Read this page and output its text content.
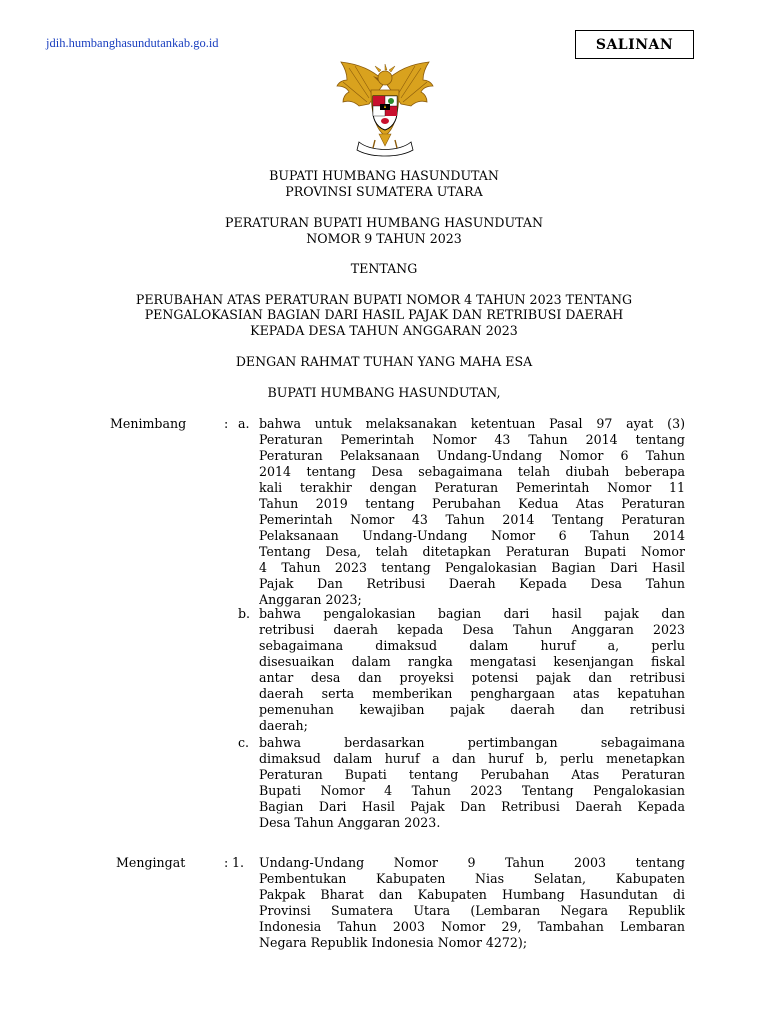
jdih.humbanghasundutankab.go.id	SALINAN
BUPATI HUMBANG HASUNDUTAN
PROVINSI SUMATERA UTARA
PERATURAN BUPATI HUMBANG HASUNDUTAN
NOMOR 9 TAHUN 2023
TENTANG
PERUBAHAN ATAS PERATURAN BUPATI NOMOR 4 TAHUN 2023 TENTANG
PENGALOKASIAN BAGIAN DARI HASIL PAJAK DAN RETRIBUSI DAERAH
KEPADA DESA TAHUN ANGGARAN 2023
DENGAN RAHMAT TUHAN YANG MAHA ESA
BUPATI HUMBANG HASUNDUTAN,
Menimbang	: a. bahwa untuk melaksanakan ketentuan Pasal 97 ayat (3)
Peraturan Pemerintah Nomor 43 Tahun 2014 tentang
Peraturan Pelaksanaan Undang-Undang Nomor 6 Tahun
2014 tentang Desa sebagaimana telah diubah beberapa
kali terakhir dengan Peraturan Pemerintah Nomor 11
Tahun 2019 tentang Perubahan Kedua Atas Peraturan
Pemerintah Nomor 43 Tahun 2014 Tentang Peraturan
Pelaksanaan Undang-Undang Nomor 6 Tahun 2014
Tentang Desa, telah ditetapkan Peraturan Bupati Nomor
4 Tahun 2023 tentang Pengalokasian Bagian Dari Hasil
Pajak Dan Retribusi Daerah Kepada Desa Tahun
Anggaran 2023;
b. bahwa pengalokasian bagian dari hasil pajak dan
retribusi daerah kepada Desa Tahun Anggaran 2023
sebagaimana dimaksud dalam huruf a, perlu
disesuaikan dalam rangka mengatasi kesenjangan fiskal
antar desa dan proyeksi potensi pajak dan retribusi
daerah serta memberikan penghargaan atas kepatuhan
pemenuhan kewajiban pajak daerah dan retribusi
daerah;
c. bahwa berdasarkan pertimbangan sebagaimana
dimaksud dalam huruf a dan huruf b, perlu menetapkan
Peraturan Bupati tentang Perubahan Atas Peraturan
Bupati Nomor 4 Tahun 2023 Tentang Pengalokasian
Bagian Dari Hasil Pajak Dan Retribusi Daerah Kepada
Desa Tahun Anggaran 2023.
Mengingat	: 1. Undang-Undang Nomor 9 Tahun 2003 tentang
Pembentukan Kabupaten Nias Selatan, Kabupaten
Pakpak Bharat dan Kabupaten Humbang Hasundutan di
Provinsi Sumatera Utara (Lembaran Negara Republik
Indonesia Tahun 2003 Nomor 29, Tambahan Lembaran
Negara Republik Indonesia Nomor 4272);
